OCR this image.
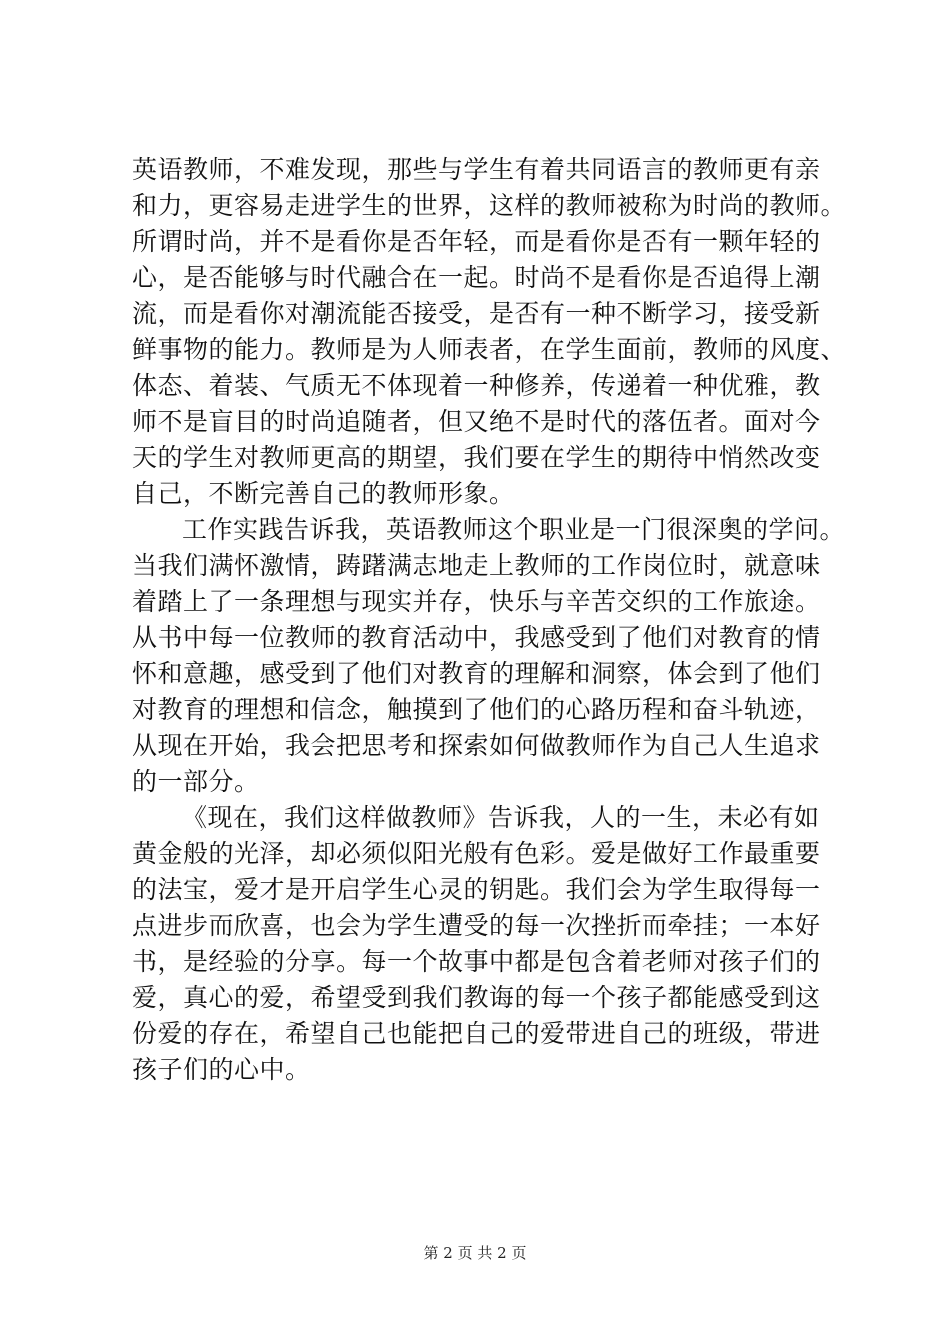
英语教师，不难发现，那些与学生有着共同语言的教师更有亲
和力，更容易走进学生的世界，这样的教师被称为时尚的教师。
所谓时尚，并不是看你是否年轻，而是看你是否有一颗年轻的
心，是否能够与时代融合在一起。时尚不是看你是否追得上潮
流，而是看你对潮流能否接受，是否有一种不断学习，接受新
鲜事物的能力。教师是为人师表者，在学生面前，教师的风度、
体态、着装、气质无不体现着一种修养，传递着一种优雅，教
师不是盲目的时尚追随者，但又绝不是时代的落伍者。面对今
天的学生对教师更高的期望，我们要在学生的期待中悄然改变
自己，不断完善自己的教师形象。
工作实践告诉我，英语教师这个职业是一门很深奥的学问。
当我们满怀激情，踌躇满志地走上教师的工作岗位时，就意味
着踏上了一条理想与现实并存，快乐与辛苦交织的工作旅途。
从书中每一位教师的教育活动中，我感受到了他们对教育的情
怀和意趣，感受到了他们对教育的理解和洞察，体会到了他们
对教育的理想和信念，触摸到了他们的心路历程和奋斗轨迹，
从现在开始，我会把思考和探索如何做教师作为自己人生追求
的一部分。
《现在，我们这样做教师》告诉我，人的一生，未必有如
黄金般的光泽，却必须似阳光般有色彩。爱是做好工作最重要
的法宝，爱才是开启学生心灵的钥匙。我们会为学生取得每一
点进步而欣喜，也会为学生遭受的每一次挫折而牵挂；一本好
书，是经验的分享。每一个故事中都是包含着老师对孩子们的
爱，真心的爱，希望受到我们教诲的每一个孩子都能感受到这
份爱的存在，希望自己也能把自己的爱带进自己的班级，带进
孩子们的心中。
第 2 页 共 2 页
